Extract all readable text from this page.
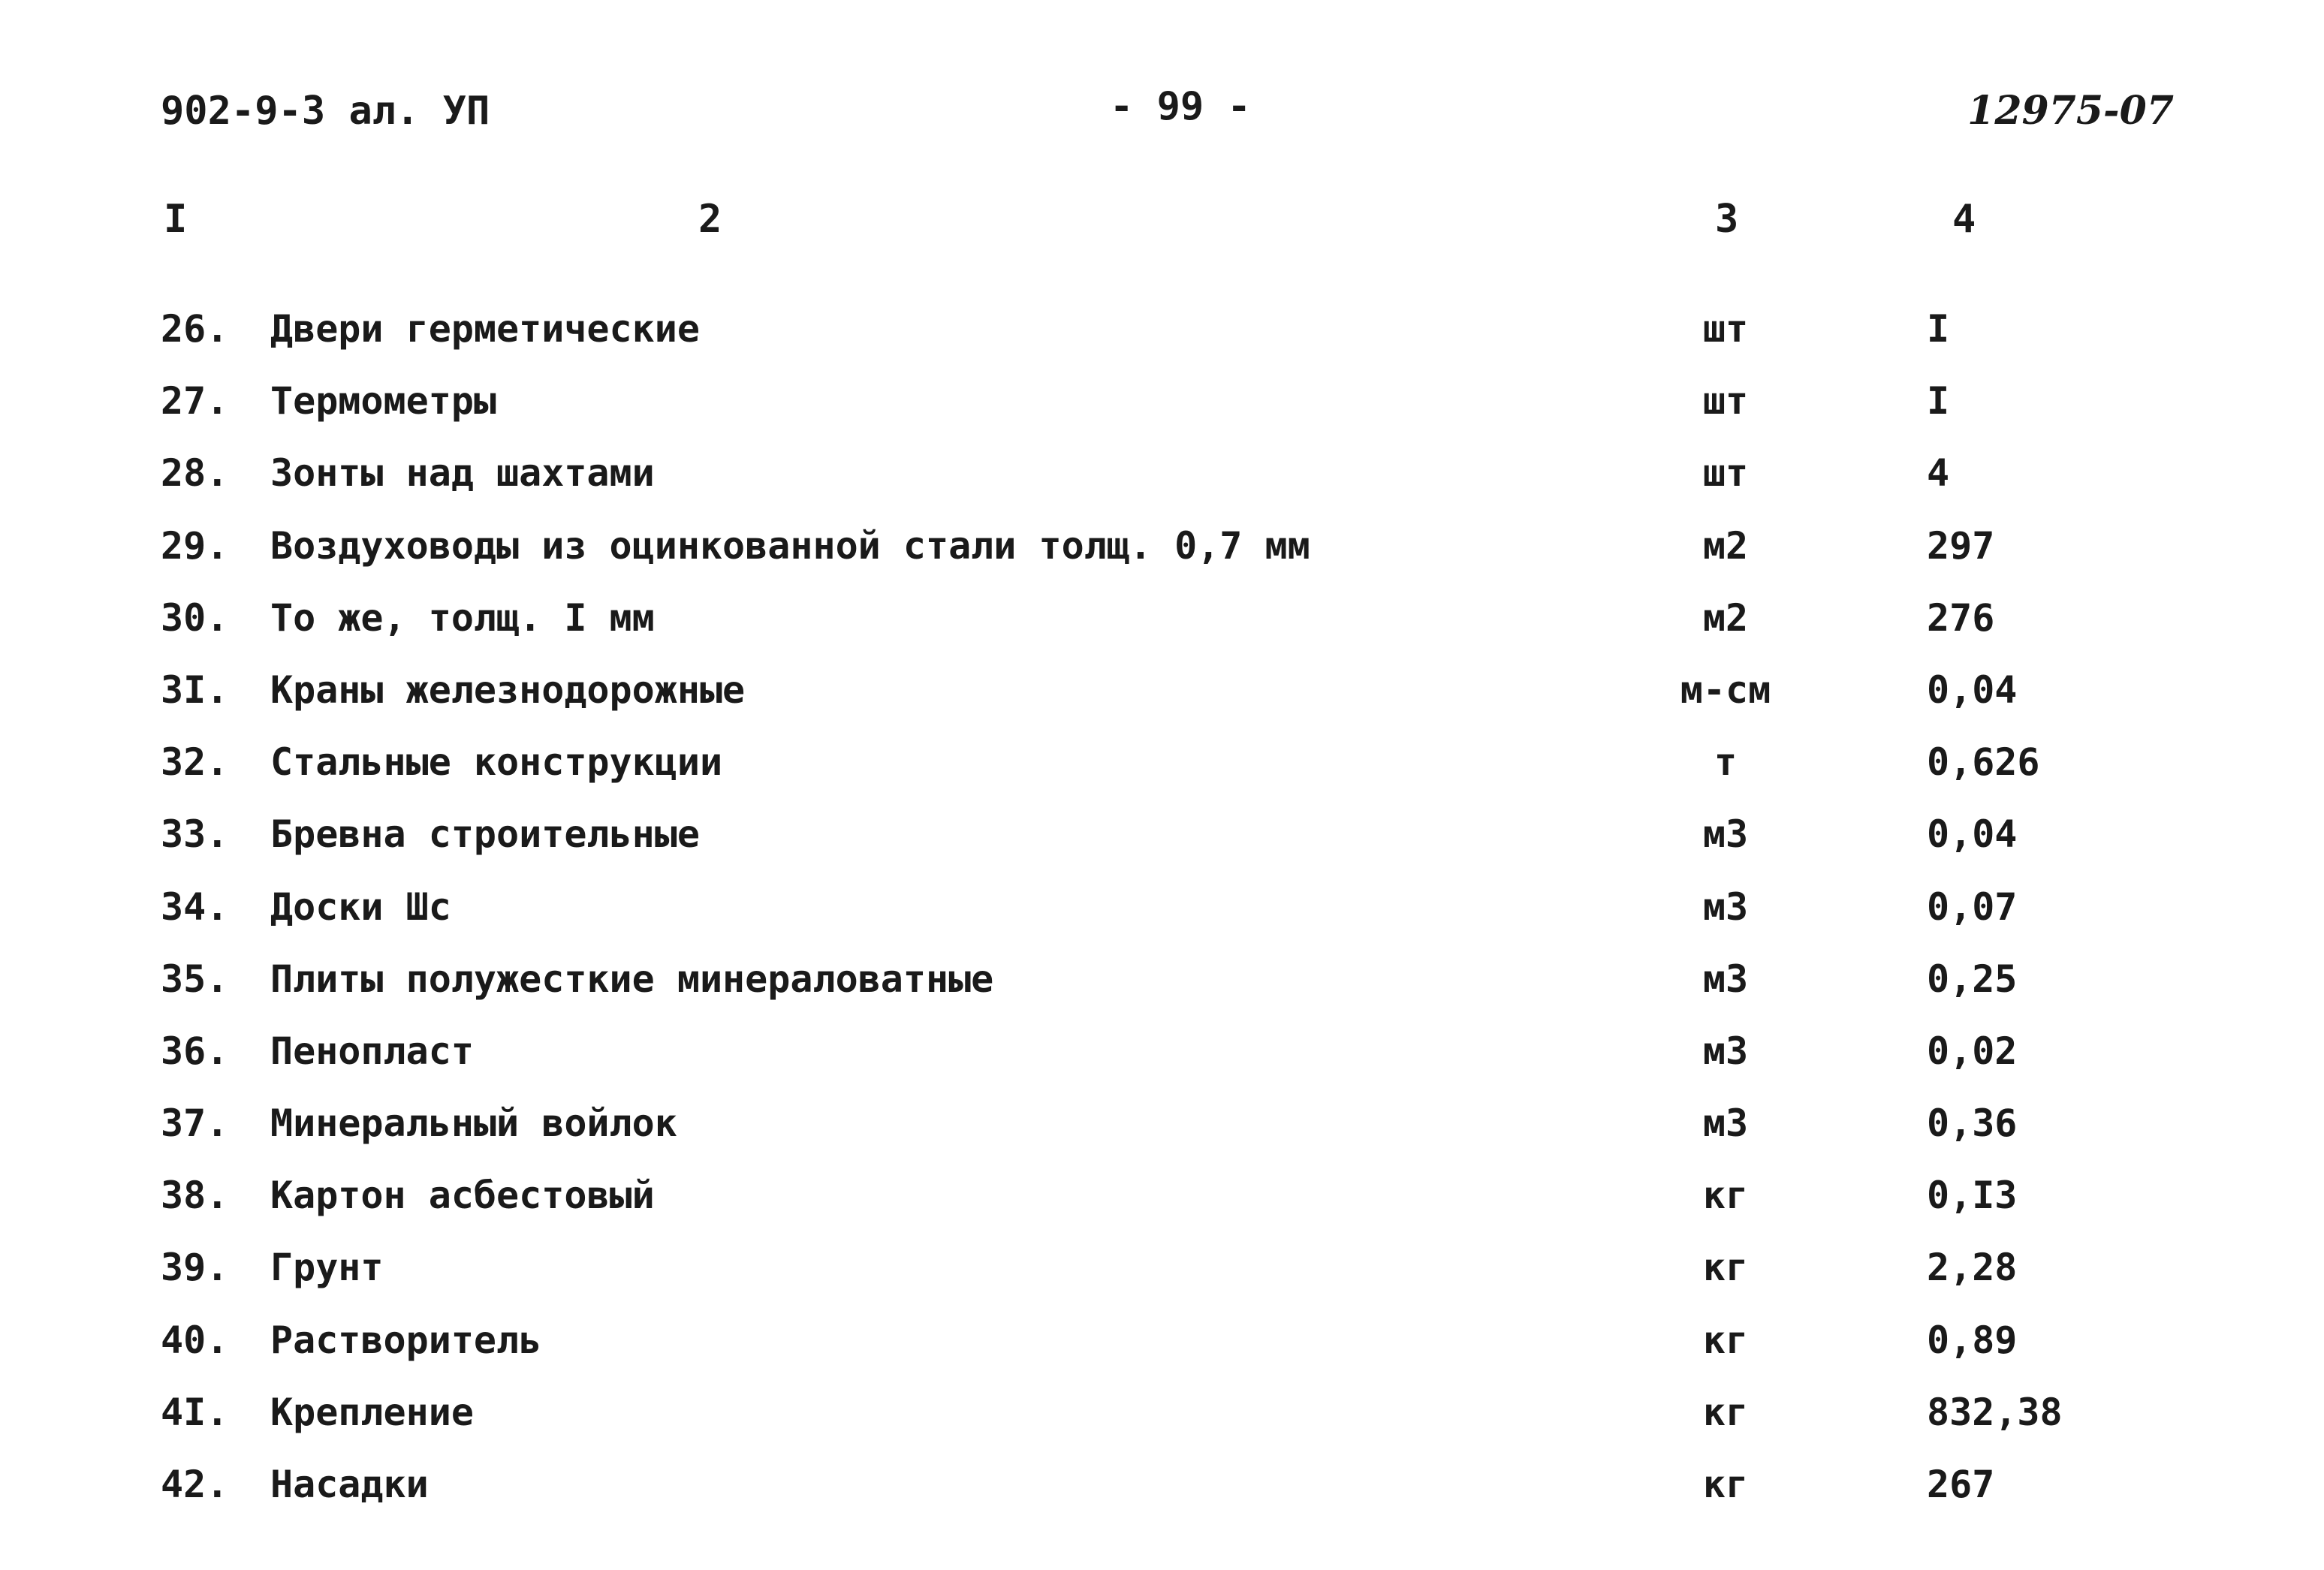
902-9-3 ал. УП	- 99 -	12975-07
I	2	3	4
26. Двери герметические	шт	I
27. Термометры	шт	I
28. Зонты над шахтами	шт	4
29. Воздуховоды из оцинкованной стали толщ. 0,7 мм	м2	297
30. То же, толщ. I мм	м2	276
3I. Краны железнодорожные	м-см	0,04
32. Стальные конструкции	т	0,626
33. Бревна строительные	м3	0,04
34. Доски Шс	м3	0,07
35. Плиты полужесткие минераловатные	м3	0,25
36. Пенопласт	м3	0,02
37. Минеральный войлок	м3	0,36
38. Картон асбестовый	кг	0,I3
39. Грунт	кг	2,28
40. Растворитель	кг	0,89
4I. Крепление	кг	832,38
42. Насадки	кг	267
